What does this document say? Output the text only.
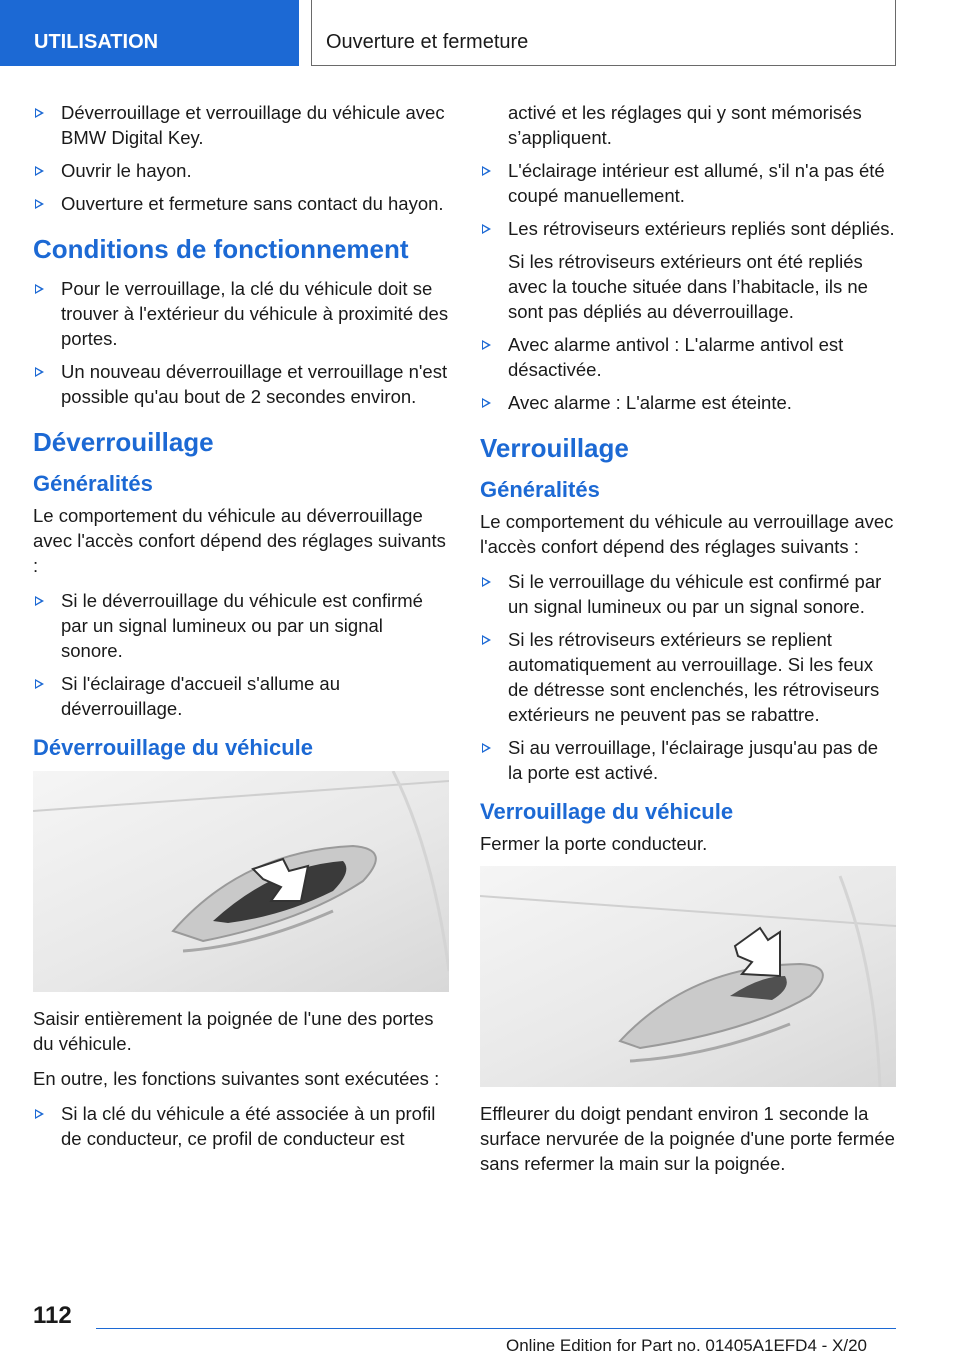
UTILISATION	Ouverture et fermeture
Déverrouillage et verrouillage du véhicule avec BMW Digital Key.
Ouvrir le hayon.
Ouverture et fermeture sans contact du hayon.
Conditions de fonctionnement
Pour le verrouillage, la clé du véhicule doit se trouver à l'extérieur du véhicule à proximité des portes.
Un nouveau déverrouillage et verrouillage n'est possible qu'au bout de 2 secondes environ.
Déverrouillage
Généralités

Le comportement du véhicule au déverrouillage avec l'accès confort dépend des réglages suivants :

Si le déverrouillage du véhicule est confirmé par un signal lumineux ou par un signal sonore.
Si l'éclairage d'accueil s'allume au déverrouillage.
Déverrouillage du véhicule

Saisir entièrement la poignée de l'une des portes du véhicule.

En outre, les fonctions suivantes sont exécutées :

Si la clé du véhicule a été associée à un profil de conducteur, ce profil de conducteur est
activé et les réglages qui y sont mémorisés s’appliquent.
L'éclairage intérieur est allumé, s'il n'a pas été coupé manuellement.
Les rétroviseurs extérieurs repliés sont dépliés.
Si les rétroviseurs extérieurs ont été repliés avec la touche située dans l’habitacle, ils ne sont pas dépliés au déverrouillage.
Avec alarme antivol : L'alarme antivol est désactivée.
Avec alarme : L'alarme est éteinte.
Verrouillage
Généralités

Le comportement du véhicule au verrouillage avec l'accès confort dépend des réglages suivants :

Si le verrouillage du véhicule est confirmé par un signal lumineux ou par un signal sonore.
Si les rétroviseurs extérieurs se replient automatiquement au verrouillage. Si les feux de détresse sont enclenchés, les rétroviseurs extérieurs ne peuvent pas se rabattre.
Si au verrouillage, l'éclairage jusqu'au pas de la porte est activé.
Verrouillage du véhicule

Fermer la porte conducteur.

Effleurer du doigt pendant environ 1 seconde la surface nervurée de la poignée d'une porte fermée sans refermer la main sur la poignée.

112
Online Edition for Part no. 01405A1EFD4 - X/20
